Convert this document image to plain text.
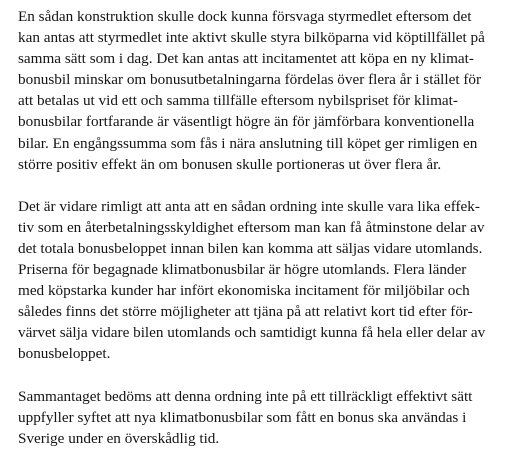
En sådan konstruktion skulle dock kunna försvaga styrmedlet eftersom det
kan antas att styrmedlet inte aktivt skulle styra bilköparna vid köptillfället på
samma sätt som i dag. Det kan antas att incitamentet att köpa en ny klimat-
bonusbil minskar om bonusutbetalningarna fördelas över flera år i stället för
att betalas ut vid ett och samma tillfälle eftersom nybilspriset för klimat-
bonusbilar fortfarande är väsentligt högre än för jämförbara konventionella
bilar. En engångssumma som fås i nära anslutning till köpet ger rimligen en
större positiv effekt än om bonusen skulle portioneras ut över flera år.
Det är vidare rimligt att anta att en sådan ordning inte skulle vara lika effek-
tiv som en återbetalningsskyldighet eftersom man kan få åtminstone delar av
det totala bonusbeloppet innan bilen kan komma att säljas vidare utomlands.
Priserna för begagnade klimatbonusbilar är högre utomlands. Flera länder
med köpstarka kunder har infört ekonomiska incitament för miljöbilar och
således finns det större möjligheter att tjäna på att relativt kort tid efter för-
värvet sälja vidare bilen utomlands och samtidigt kunna få hela eller delar av
bonusbeloppet.
Sammantaget bedöms att denna ordning inte på ett tillräckligt effektivt sätt
uppfyller syftet att nya klimatbonusbilar som fått en bonus ska användas i
Sverige under en överskådlig tid.
